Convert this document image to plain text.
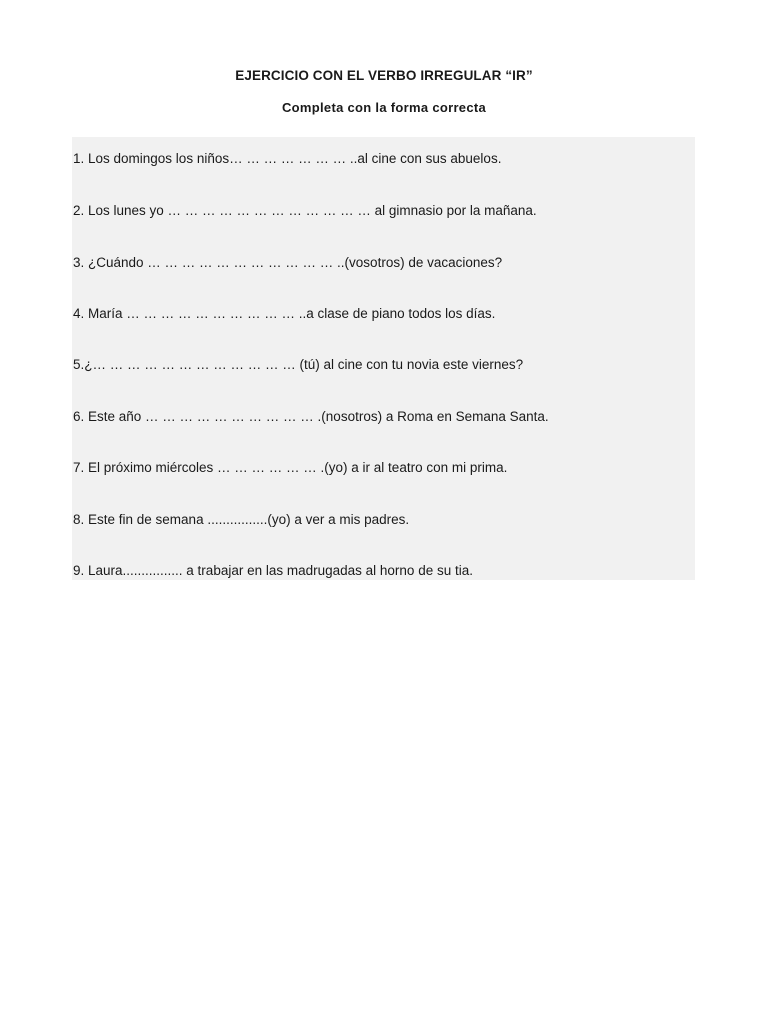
EJERCICIO CON EL VERBO IRREGULAR “IR”
Completa con la forma correcta
1. Los domingos los niños… … … … … … … ..al cine con sus abuelos.
2. Los lunes yo … … … … … … … … … … … … al gimnasio por la mañana.
3. ¿Cuándo … … … … … … … … … … … ..(vosotros) de vacaciones?
4. María … … … … … … … … … … ..a clase de piano todos los días.
5.¿… … … … … … … … … … … … (tú) al cine con tu novia este viernes?
6. Este año … … … … … … … … … … .(nosotros) a Roma en Semana Santa.
7. El próximo miércoles … … … … … … .(yo) a ir al teatro con mi prima.
8. Este fin de semana ................(yo) a ver a mis padres.
9. Laura................ a trabajar en las madrugadas al horno de su tia.
